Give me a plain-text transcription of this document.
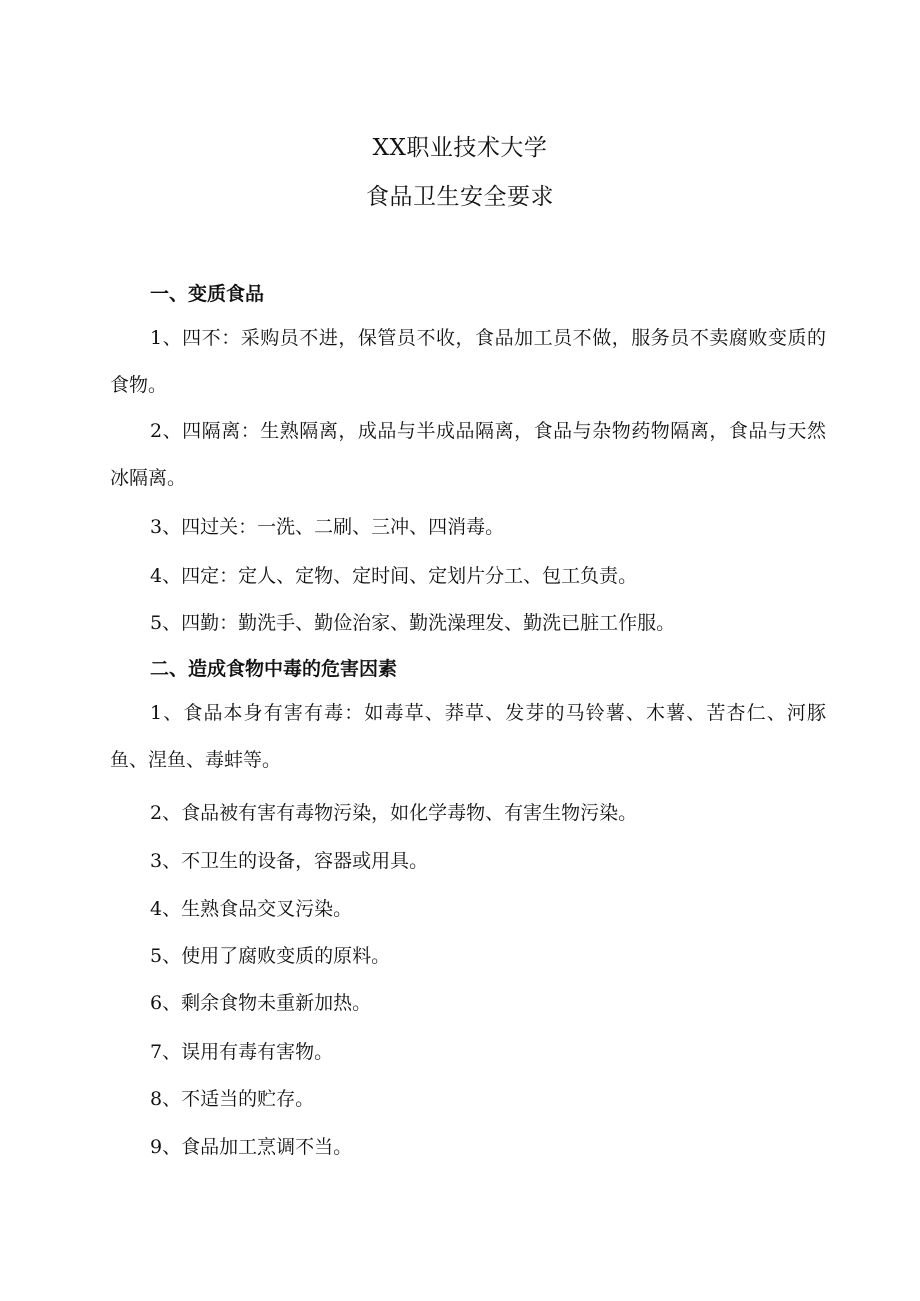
XX职业技术大学
食品卫生安全要求
一、变质食品
1、四不：采购员不进，保管员不收，食品加工员不做，服务员不卖腐败变质的食物。
2、四隔离：生熟隔离，成品与半成品隔离，食品与杂物药物隔离，食品与天然冰隔离。
3、四过关：一洗、二刷、三冲、四消毒。
4、四定：定人、定物、定时间、定划片分工、包工负责。
5、四勤：勤洗手、勤俭治家、勤洗澡理发、勤洗已脏工作服。
二、造成食物中毒的危害因素
1、食品本身有害有毒：如毒草、莽草、发芽的马铃薯、木薯、苦杏仁、河豚鱼、涅鱼、毒蚌等。
2、食品被有害有毒物污染，如化学毒物、有害生物污染。
3、不卫生的设备，容器或用具。
4、生熟食品交叉污染。
5、使用了腐败变质的原料。
6、剩余食物未重新加热。
7、误用有毒有害物。
8、不适当的贮存。
9、食品加工烹调不当。
